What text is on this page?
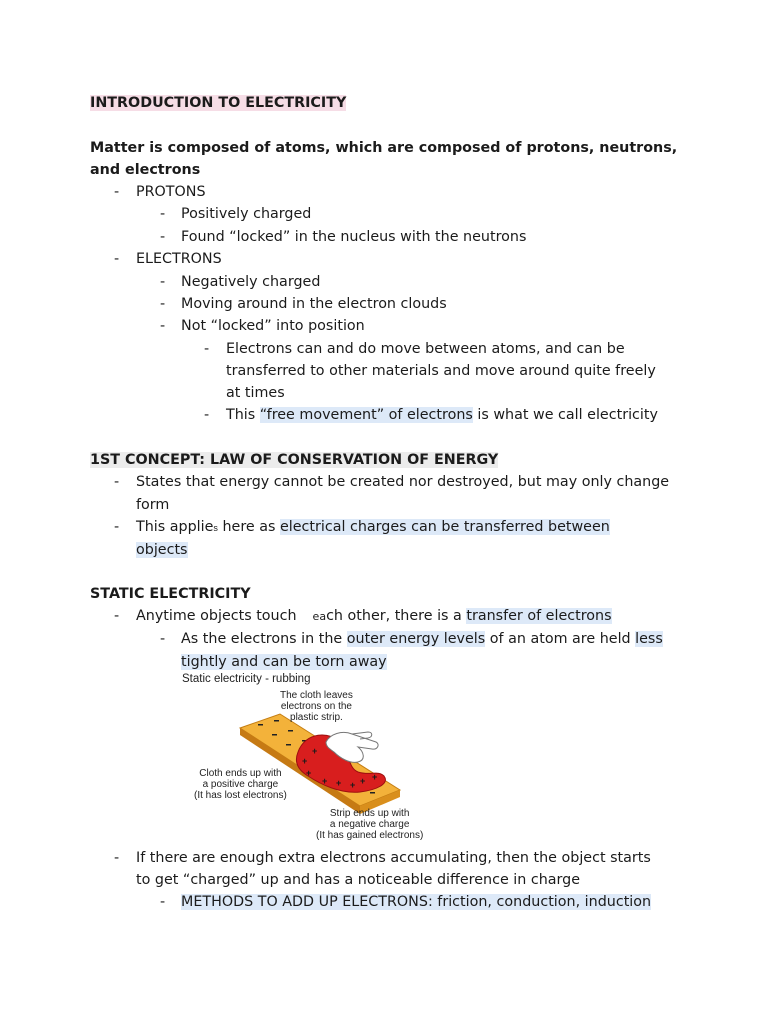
INTRODUCTION TO ELECTRICITY
Matter is composed of atoms, which are composed of protons, neutrons,
and electrons
- PROTONS
- Positively charged
- Found “locked” in the nucleus with the neutrons
- ELECTRONS
- Negatively charged
- Moving around in the electron clouds
- Not “locked” into position
- Electrons can and do move between atoms, and can be
transferred to other materials and move around quite freely
at times
- This “free movement” of electrons is what we call electricity
1ST CONCEPT: LAW OF CONSERVATION OF ENERGY
- States that energy cannot be created nor destroyed, but may only change
form
- This applies here as electrical charges can be transferred between
objects
STATIC ELECTRICITY
- Anytime objects touch each other, there is a transfer of electrons
- As the electrons in the outer energy levels of an atom are held less
tightly and can be torn away
Static electricity - rubbing
+
+
+
+ + + + +
The cloth leaves
electrons on the
plastic strip.
Cloth ends up with
a positive charge
(It has lost electrons)
Strip ends up with
a negative charge
(It has gained electrons)
- If there are enough extra electrons accumulating, then the object starts
to get “charged” up and has a noticeable difference in charge
- METHODS TO ADD UP ELECTRONS: friction, conduction, induction
